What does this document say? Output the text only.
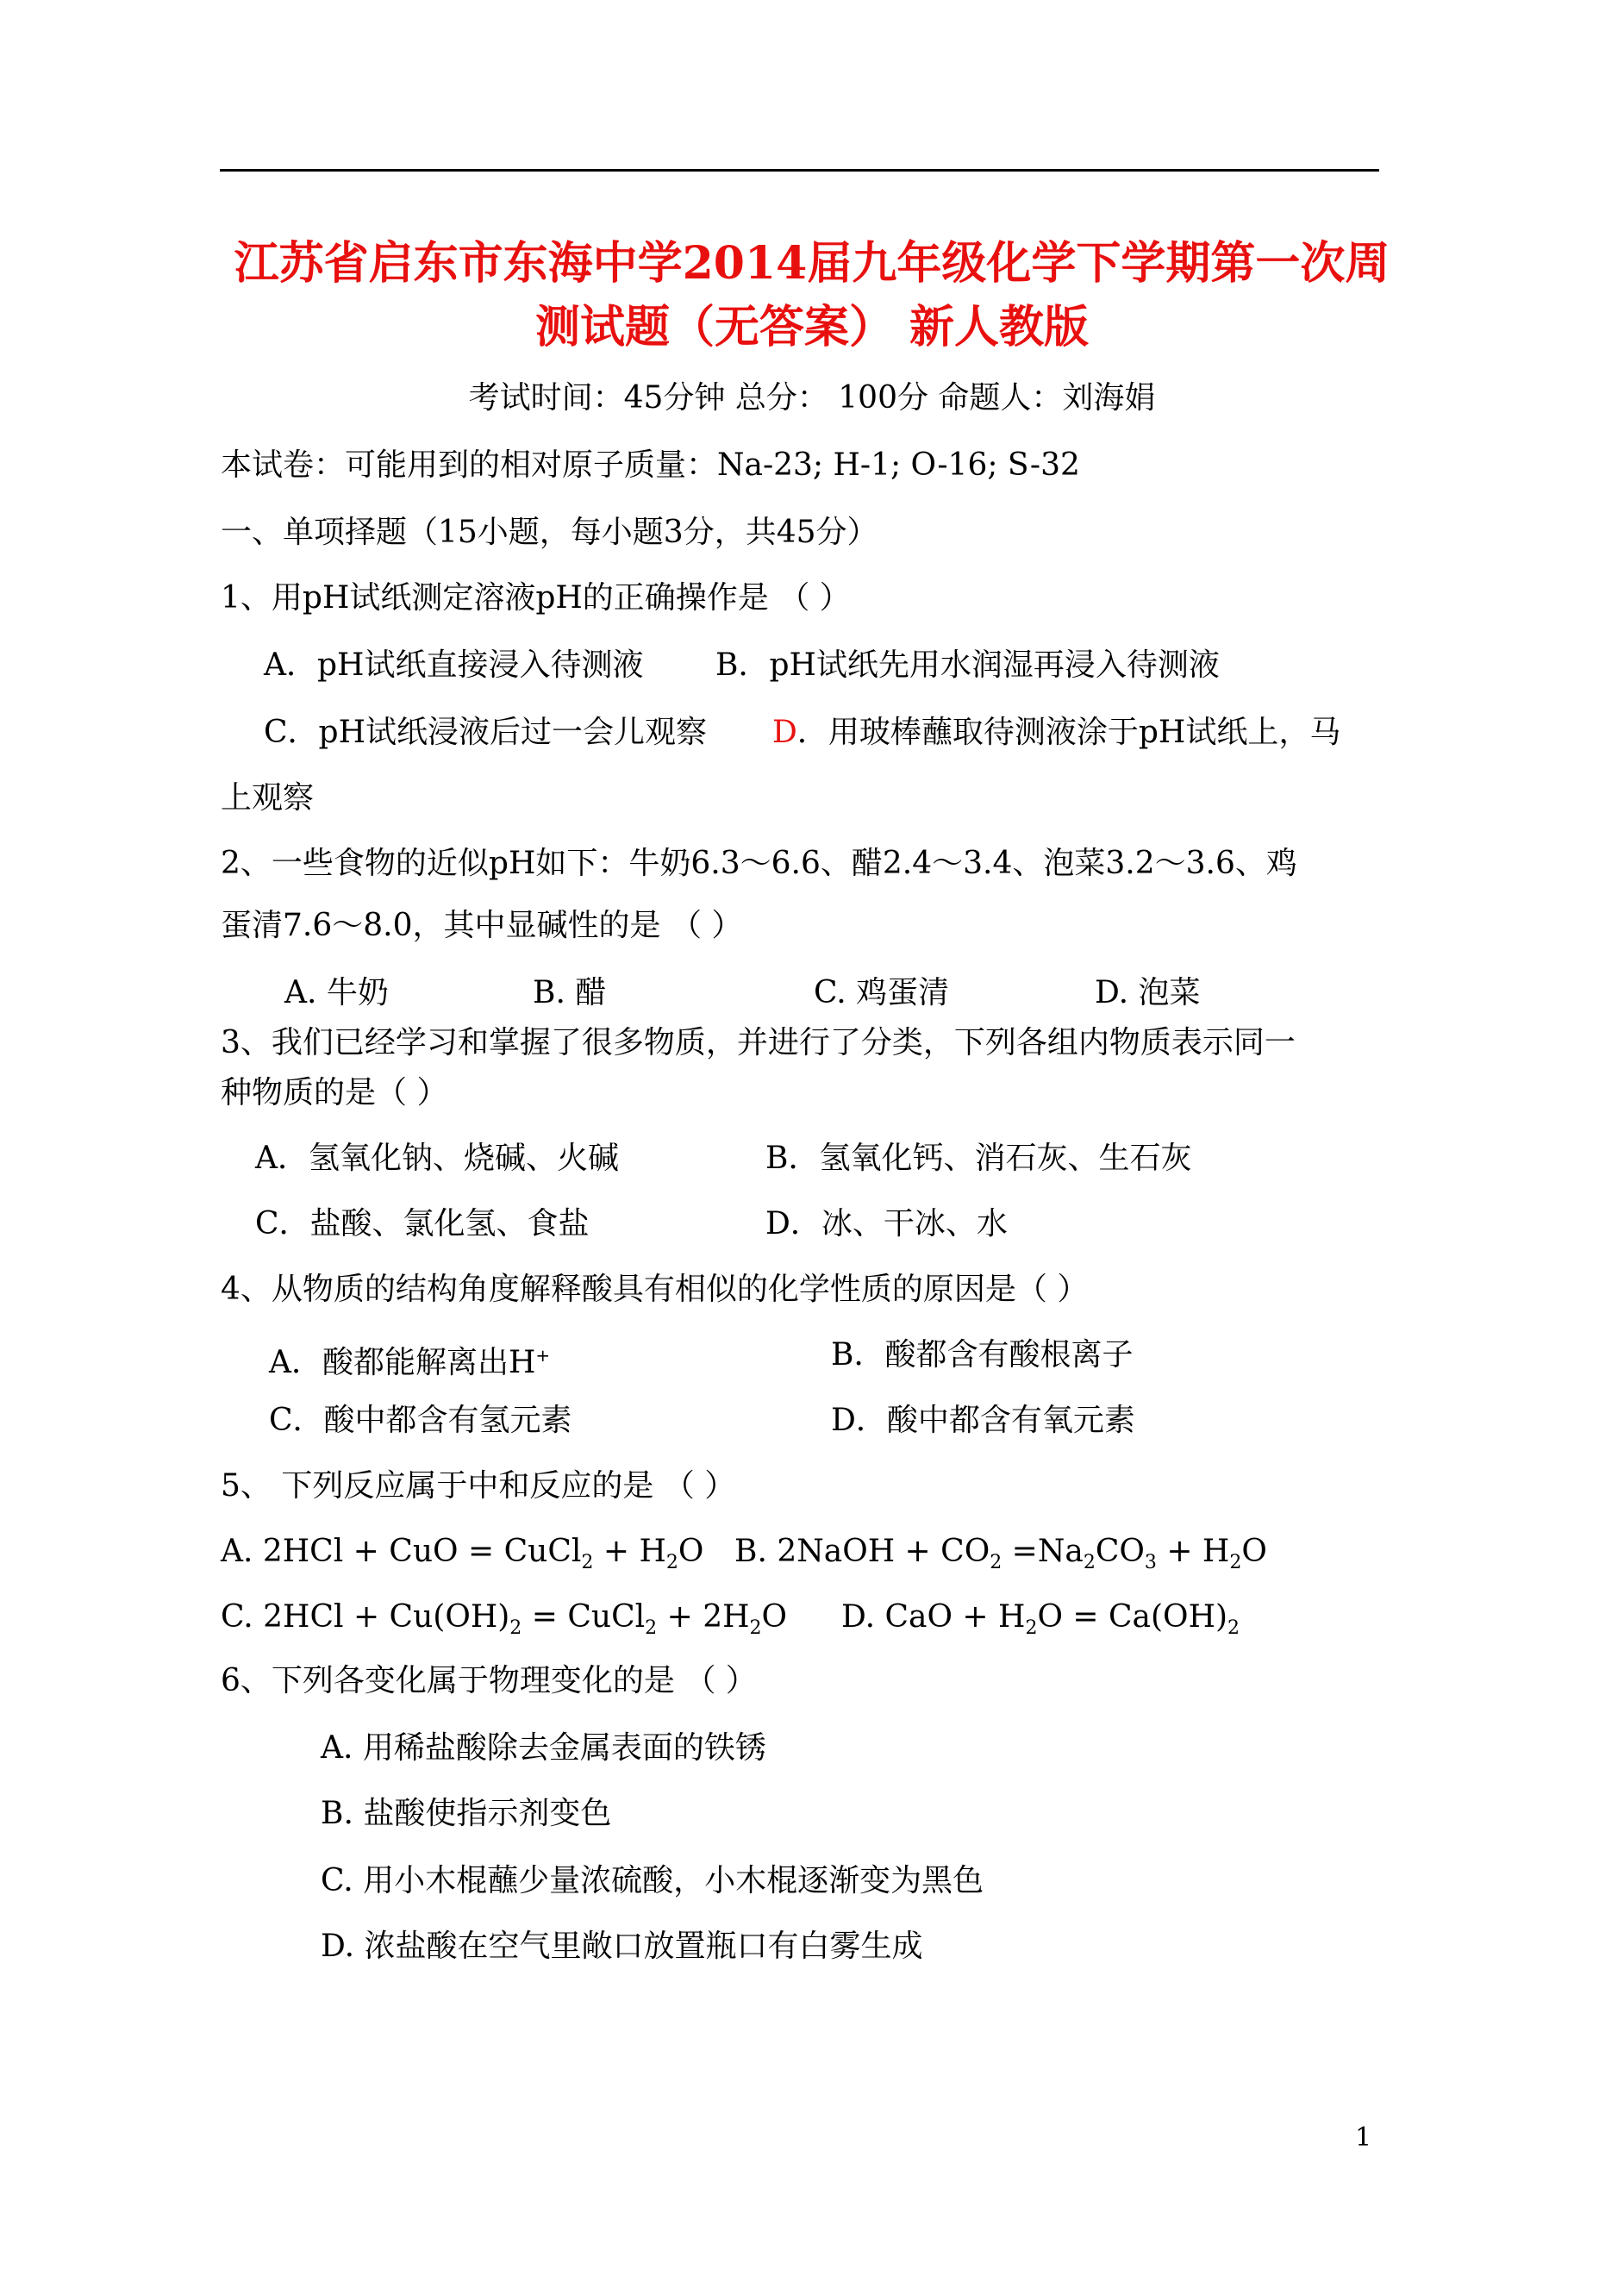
江苏省启东市东海中学2014届九年级化学下学期第一次周
测试题（无答案） 新人教版
考试时间：45分钟 总分： 100分 命题人：刘海娟
本试卷：可能用到的相对原子质量：Na-23; H-1; O-16; S-32
一、单项择题（15小题，每小题3分，共45分）
1、用pH试纸测定溶液pH的正确操作是 （ ）
A．pH试纸直接浸入待测液 B．pH试纸先用水润湿再浸入待测液
C．pH试纸浸液后过一会儿观察 D．用玻棒蘸取待测液涂于pH试纸上，马
上观察
2、一些食物的近似pH如下：牛奶6.3～6.6、醋2.4～3.4、泡菜3.2～3.6、鸡
蛋清7.6～8.0，其中显碱性的是 （ ）
A. 牛奶	B. 醋	C. 鸡蛋清	D. 泡菜
3、我们已经学习和掌握了很多物质，并进行了分类，下列各组内物质表示同一
种物质的是（ ）
A．氢氧化钠、烧碱、火碱	B．氢氧化钙、消石灰、生石灰
C．盐酸、氯化氢、食盐	D．冰、干冰、水
4、从物质的结构角度解释酸具有相似的化学性质的原因是（ ）
A．酸都能解离出H+	B．酸都含有酸根离子
C．酸中都含有氢元素	D．酸中都含有氧元素
5、 下列反应属于中和反应的是 （ ）
A. 2HCl + CuO = CuCl$_2$ + $H_2O$ B. 2NaOH + $CO_2 =Na_2CO_3 + H_2O$
C. $2HCl + Cu(OH)_2$ = CuCl$_2$ + $2H_2O$ D. CaO + $H_2O = Ca(OH)_2$
6、下列各变化属于物理变化的是 （ ）
A. 用稀盐酸除去金属表面的铁锈
B. 盐酸使指示剂变色
C. 用小木棍蘸少量浓硫酸，小木棍逐渐变为黑色
D. 浓盐酸在空气里敞口放置瓶口有白雾生成
1
